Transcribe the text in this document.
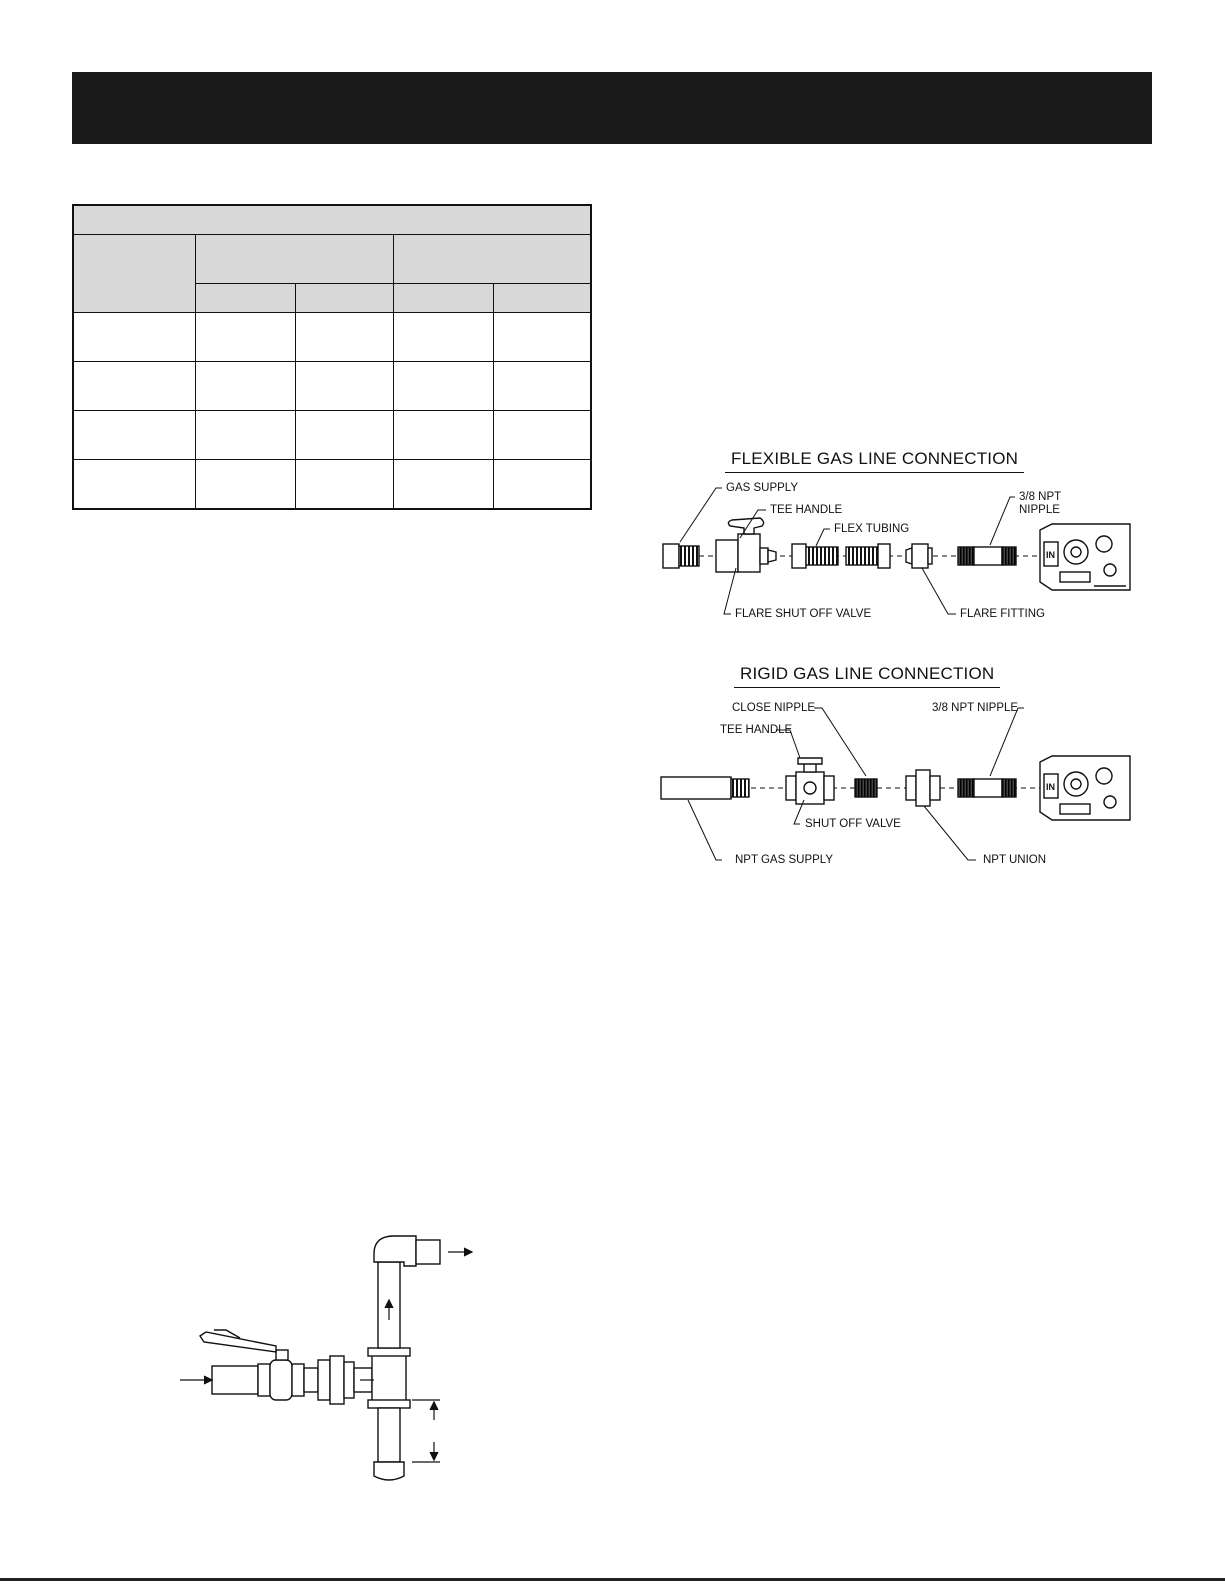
FLEXIBLE GAS LINE CONNECTION
GAS SUPPLY
TEE HANDLE
FLEX TUBING
3/8 NPT NIPPLE
FLARE SHUT OFF VALVE	FLARE FITTING
RIGID GAS LINE CONNECTION
CLOSE NIPPLE
TEE HANDLE
3/8 NPT NIPPLE
SHUT OFF VALVE
NPT GAS SUPPLY	NPT UNION
IN
IN
